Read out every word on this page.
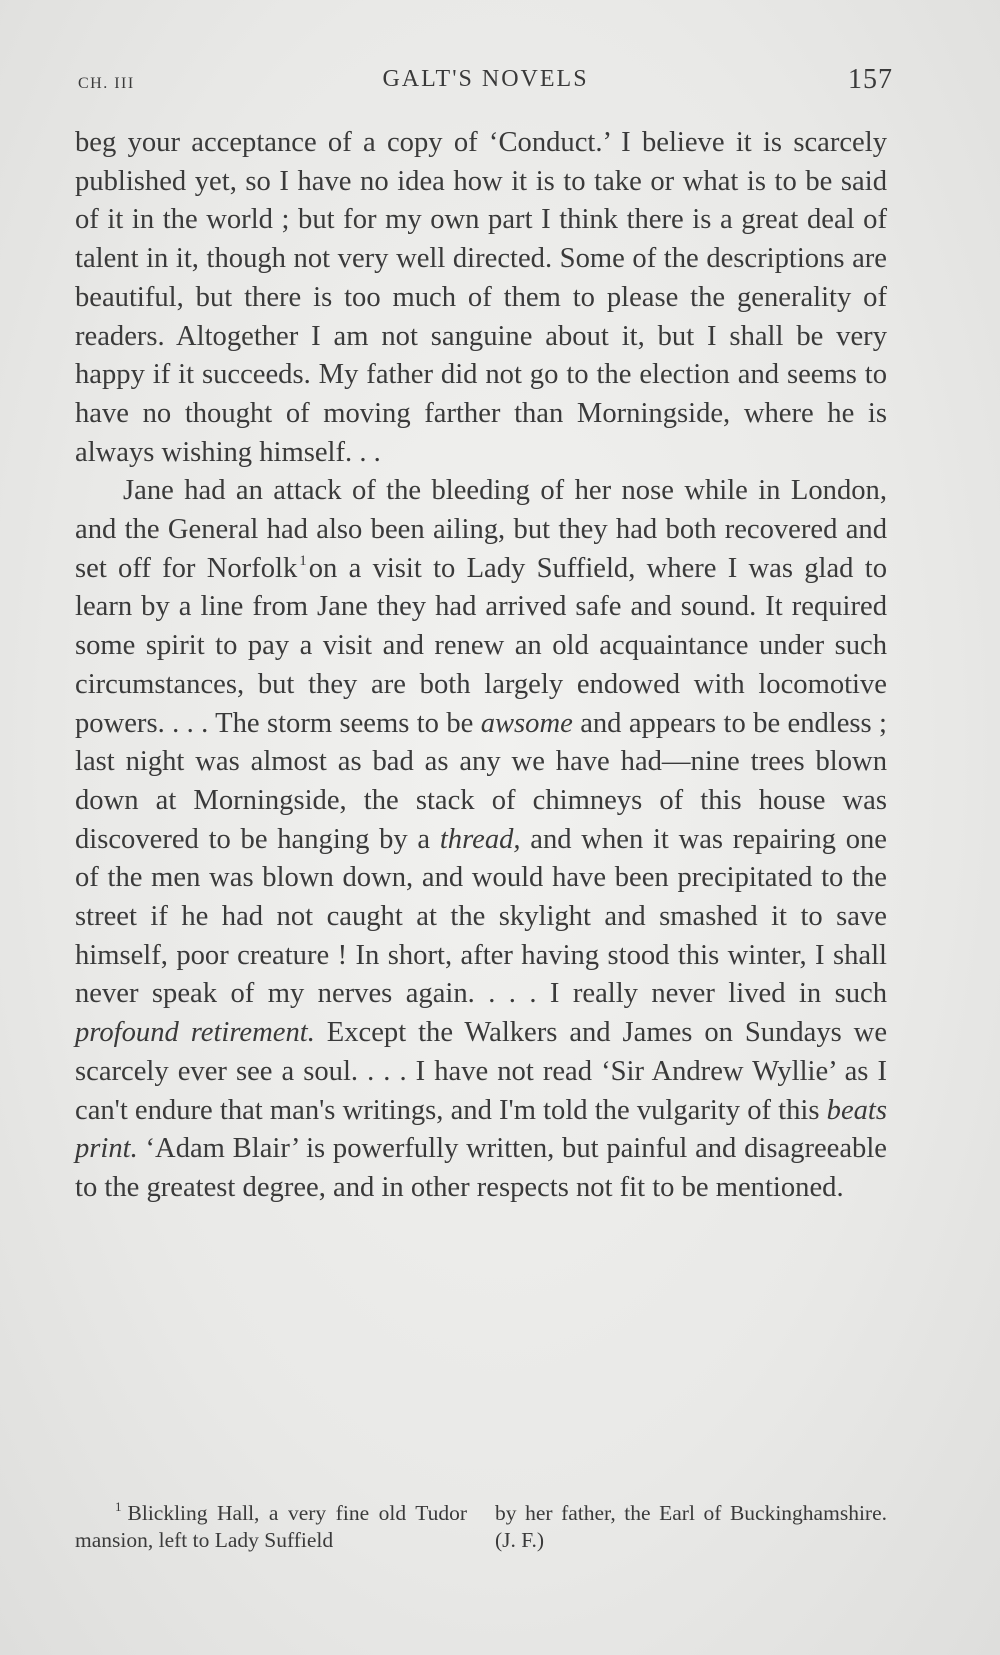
CH. III	GALT'S NOVELS	157

beg your acceptance of a copy of ‘Conduct.’ I believe it is scarcely published yet, so I have no idea how it is to take or what is to be said of it in the world ; but for my own part I think there is a great deal of talent in it, though not very well directed. Some of the descriptions are beautiful, but there is too much of them to please the generality of readers. Altogether I am not sanguine about it, but I shall be very happy if it succeeds. My father did not go to the election and seems to have no thought of moving farther than Morningside, where he is always wishing himself. . .

Jane had an attack of the bleeding of her nose while in London, and the General had also been ailing, but they had both recovered and set off for Norfolk $^1$on a visit to Lady Suffield, where I was glad to learn by a line from Jane they had arrived safe and sound. It required some spirit to pay a visit and renew an old acquaintance under such circumstances, but they are both largely endowed with locomotive powers. . . . The storm seems to be awsome and appears to be endless ; last night was almost as bad as any we have had—nine trees blown down at Morningside, the stack of chimneys of this house was discovered to be hanging by a thread, and when it was repairing one of the men was blown down, and would have been precipitated to the street if he had not caught at the skylight and smashed it to save himself, poor creature ! In short, after having stood this winter, I shall never speak of my nerves again. . . . I really never lived in such profound retirement. Except the Walkers and James on Sundays we scarcely ever see a soul. . . . I have not read ‘Sir Andrew Wyllie’ as I can't endure that man's writings, and I'm told the vulgarity of this beats print. ‘Adam Blair’ is powerfully written, but painful and disagreeable to the greatest degree, and in other respects not fit to be mentioned.

$^1$ Blickling Hall, a very fine old Tudor mansion, left to Lady Suffield
by her father, the Earl of Buckinghamshire. (J. F.)
